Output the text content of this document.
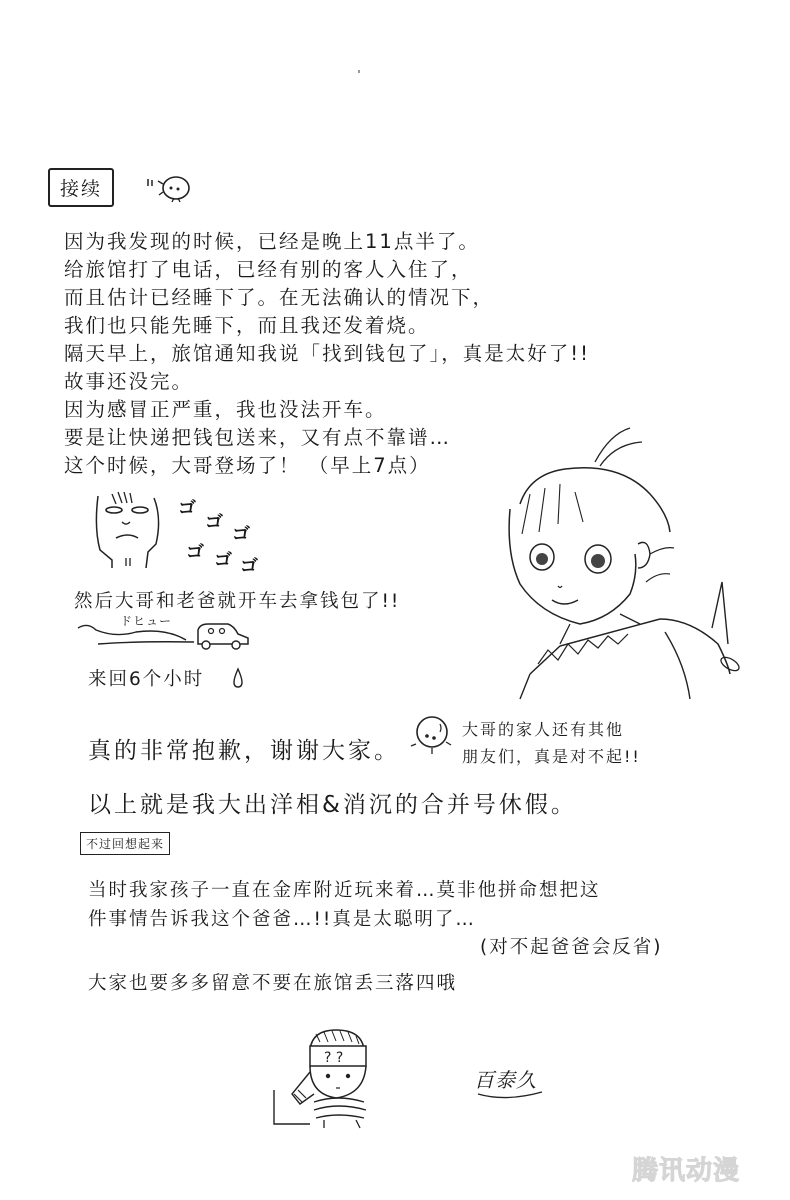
接续
因为我发现的时候，已经是晚上11点半了。
给旅馆打了电话，已经有别的客人入住了，
而且估计已经睡下了。在无法确认的情况下，
我们也只能先睡下，而且我还发着烧。
隔天早上，旅馆通知我说「找到钱包了」，真是太好了!!
故事还没完。
因为感冒正严重，我也没法开车。
要是让快递把钱包送来，又有点不靠谱…
这个时候，大哥登场了！ （早上7点）
ゴ
ゴ
ゴ
ゴ ゴ ゴ
然后大哥和老爸就开车去拿钱包了!!
ドヒュー
来回6个小时
真的非常抱歉，谢谢大家。
大哥的家人还有其他
朋友们，真是对不起!!
以上就是我大出洋相&消沉的合并号休假。
不过回想起来
当时我家孩子一直在金库附近玩来着…莫非他拼命想把这
件事情告诉我这个爸爸…!!真是太聪明了…
(对不起爸爸会反省)
大家也要多多留意不要在旅馆丢三落四哦
? ?
百泰久
腾讯动漫
